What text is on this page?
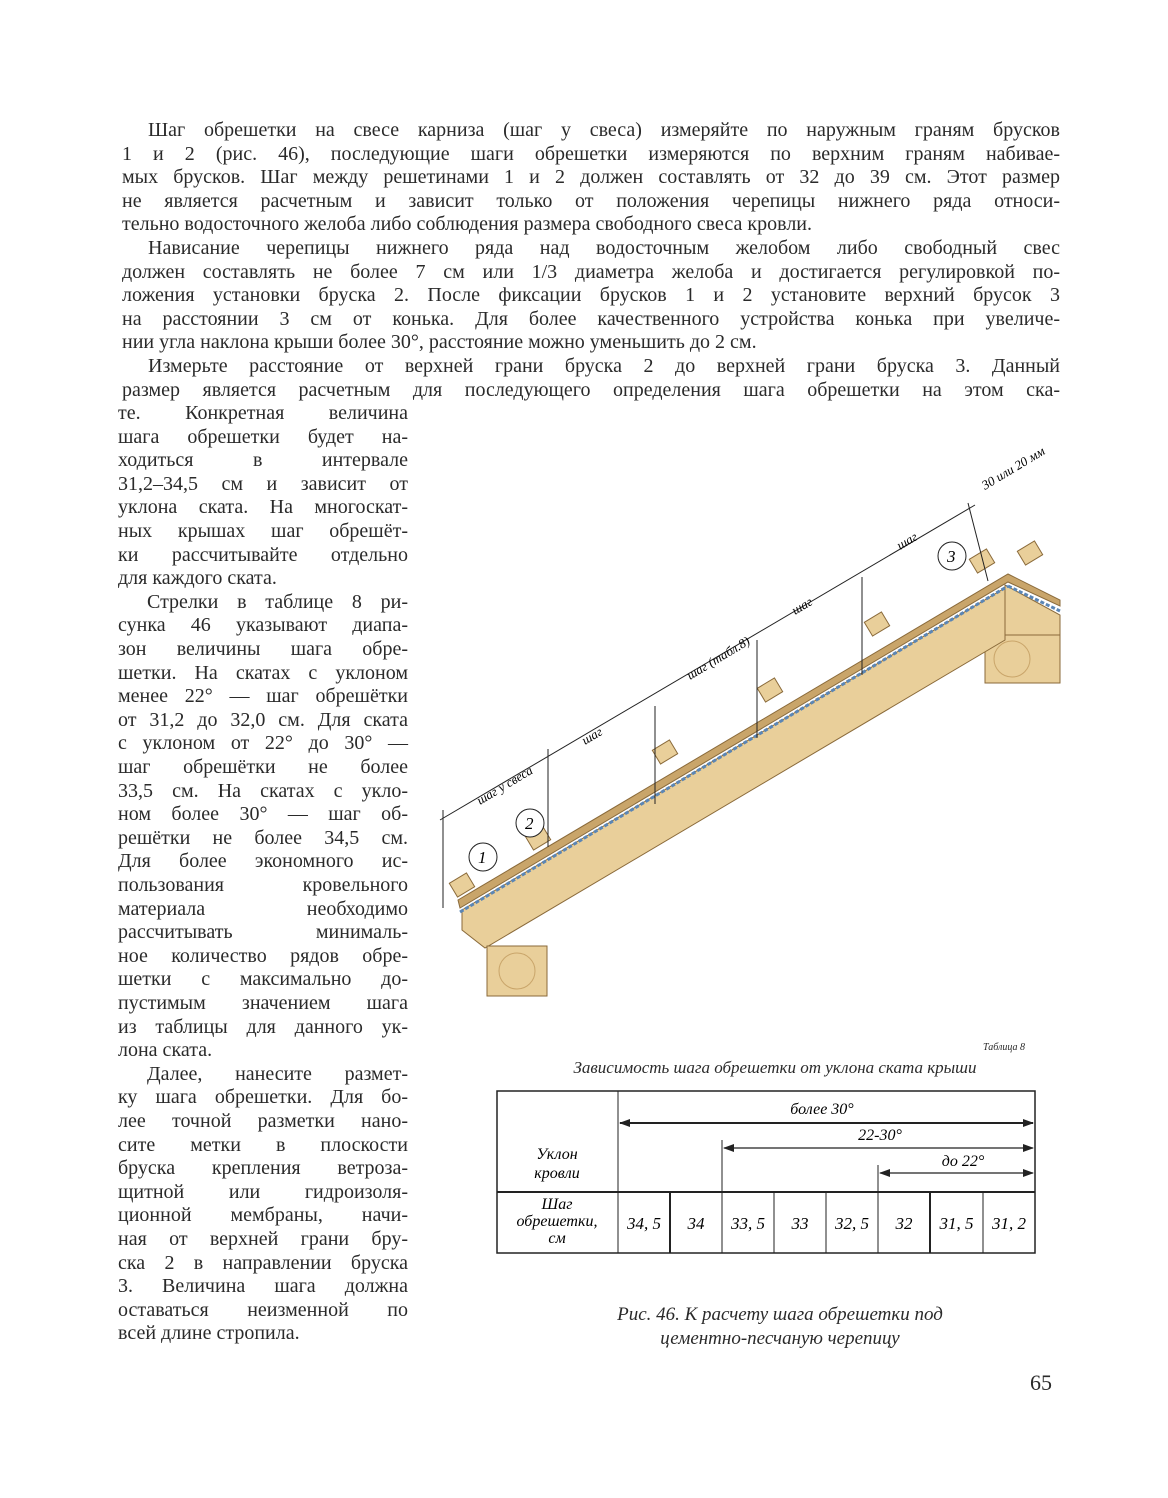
Шаг обрешетки на свесе карниза (шаг у свеса) измеряйте по наружным граням брусков
1 и 2 (рис. 46), последующие шаги обрешетки измеряются по верхним граням набивае-
мых брусков. Шаг между решетинами 1 и 2 должен составлять от 32 до 39 см. Этот размер
не является расчетным и зависит только от положения черепицы нижнего ряда относи-
тельно водосточного желоба либо соблюдения размера свободного свеса кровли.
Нависание черепицы нижнего ряда над водосточным желобом либо свободный свес
должен составлять не более 7 см или 1/3 диаметра желоба и достигается регулировкой по-
ложения установки бруска 2. После фиксации брусков 1 и 2 установите верхний брусок 3
на расстоянии 3 см от конька. Для более качественного устройства конька при увеличе-
нии угла наклона крыши более 30°, расстояние можно уменьшить до 2 см.
Измерьте расстояние от верхней грани бруска 2 до верхней грани бруска 3. Данный
размер является расчетным для последующего определения шага обрешетки на этом ска-
те. Конкретная величина
шага обрешетки будет на-
ходиться в интервале
31,2–34,5 см и зависит от
уклона ската. На многоскат-
ных крышах шаг обрешёт-
ки рассчитывайте отдельно
для каждого ската.
Стрелки в таблице 8 ри-
сунка 46 указывают диапа-
зон величины шага обре-
шетки. На скатах с уклоном
менее 22° — шаг обрешётки
от 31,2 до 32,0 см. Для ската
с уклоном от 22° до 30° —
шаг обрешётки не более
33,5 см. На скатах с укло-
ном более 30° — шаг об-
решётки не более 34,5 см.
Для более экономного ис-
пользования кровельного
материала необходимо
рассчитывать минималь-
ное количество рядов обре-
шетки с максимально до-
пустимым значением шага
из таблицы для данного ук-
лона ската.
Далее, нанесите размет-
ку шага обрешетки. Для бо-
лее точной разметки нано-
сите метки в плоскости
бруска крепления ветроза-
щитной или гидроизоля-
ционной мембраны, начи-
ная от верхней грани бру-
ска 2 в направлении бруска
3. Величина шага должна
оставаться неизменной по
всей длине стропила.
шаг у свеса
шаг
шаг (табл.8)
шаг
шаг
30 или 20 мм
1
2
3
более 30°
22-30°
до 22°
Уклон
кровли
Шаг
обрешетки,
см
34, 5 34 33, 5 33 32, 5 32 31, 5 31, 2
Таблица 8
Зависимость шага обрешетки от уклона ската крыши
Рис. 46. К расчету шага обрешетки под
цементно-песчаную черепицу
65
